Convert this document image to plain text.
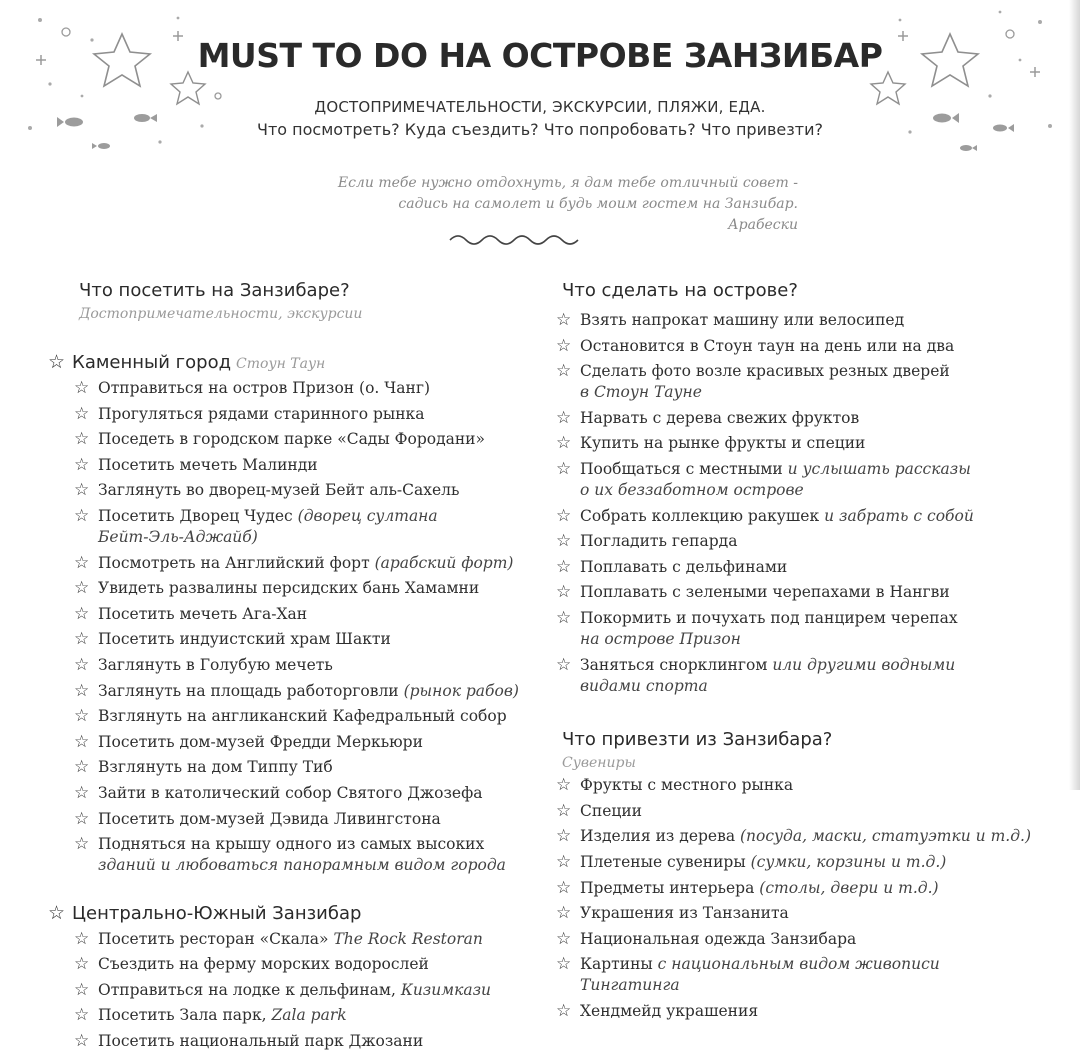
MUST TO DO НА ОСТРОВЕ ЗАНЗИБАР
ДОСТОПРИМЕЧАТЕЛЬНОСТИ, ЭКСКУРСИИ, ПЛЯЖИ, ЕДА.
Что посмотреть? Куда съездить? Что попробовать? Что привезти?
Если тебе нужно отдохнуть, я дам тебе отличный совет -
садись на самолет и будь моим гостем на Занзибар.
Арабески
Что посетить на Занзибаре?
Достопримечательности, экскурсии
☆ Каменный город Стоун Таун
☆ Отправиться на остров Призон (о. Чанг)
☆ Прогуляться рядами старинного рынка
☆ Поседеть в городском парке «Сады Фородани»
☆ Посетить мечеть Малинди
☆ Заглянуть во дворец-музей Бейт аль-Сахель
☆ Посетить Дворец Чудес (дворец султана
Бейт-Эль-Аджайб)
☆ Посмотреть на Английский форт (арабский форт)
☆ Увидеть развалины персидских бань Хамамни
☆ Посетить мечеть Ага-Хан
☆ Посетить индуистский храм Шакти
☆ Заглянуть в Голубую мечеть
☆ Заглянуть на площадь работорговли (рынок рабов)
☆ Взглянуть на англиканский Кафедральный собор
☆ Посетить дом-музей Фредди Меркьюри
☆ Взглянуть на дом Типпу Тиб
☆ Зайти в католический собор Святого Джозефа
☆ Посетить дом-музей Дэвида Ливингстона
☆ Подняться на крышу одного из самых высоких
зданий и любоваться панорамным видом города
☆ Центрально-Южный Занзибар
☆ Посетить ресторан «Скала» The Rock Restoran
☆ Съездить на ферму морских водорослей
☆ Отправиться на лодке к дельфинам, Кизимкази
☆ Посетить Зала парк, Zala park
☆ Посетить национальный парк Джозани
Что сделать на острове?
☆ Взять напрокат машину или велосипед
☆ Остановится в Стоун таун на день или на два
☆ Сделать фото возле красивых резных дверей
в Стоун Тауне
☆ Нарвать с дерева свежих фруктов
☆ Купить на рынке фрукты и специи
☆ Пообщаться с местными и услышать рассказы
о их беззаботном острове
☆ Собрать коллекцию ракушек и забрать с собой
☆ Погладить гепарда
☆ Поплавать с дельфинами
☆ Поплавать с зелеными черепахами в Нангви
☆ Покормить и почухать под панцирем черепах
на острове Призон
☆ Заняться снорклингом или другими водными
видами спорта
Что привезти из Занзибара?
Сувениры
☆ Фрукты с местного рынка
☆ Специи
☆ Изделия из дерева (посуда, маски, статуэтки и т.д.)
☆ Плетеные сувениры (сумки, корзины и т.д.)
☆ Предметы интерьера (столы, двери и т.д.)
☆ Украшения из Танзанита
☆ Национальная одежда Занзибара
☆ Картины с национальным видом живописи
Тингатинга
☆ Хендмейд украшения
